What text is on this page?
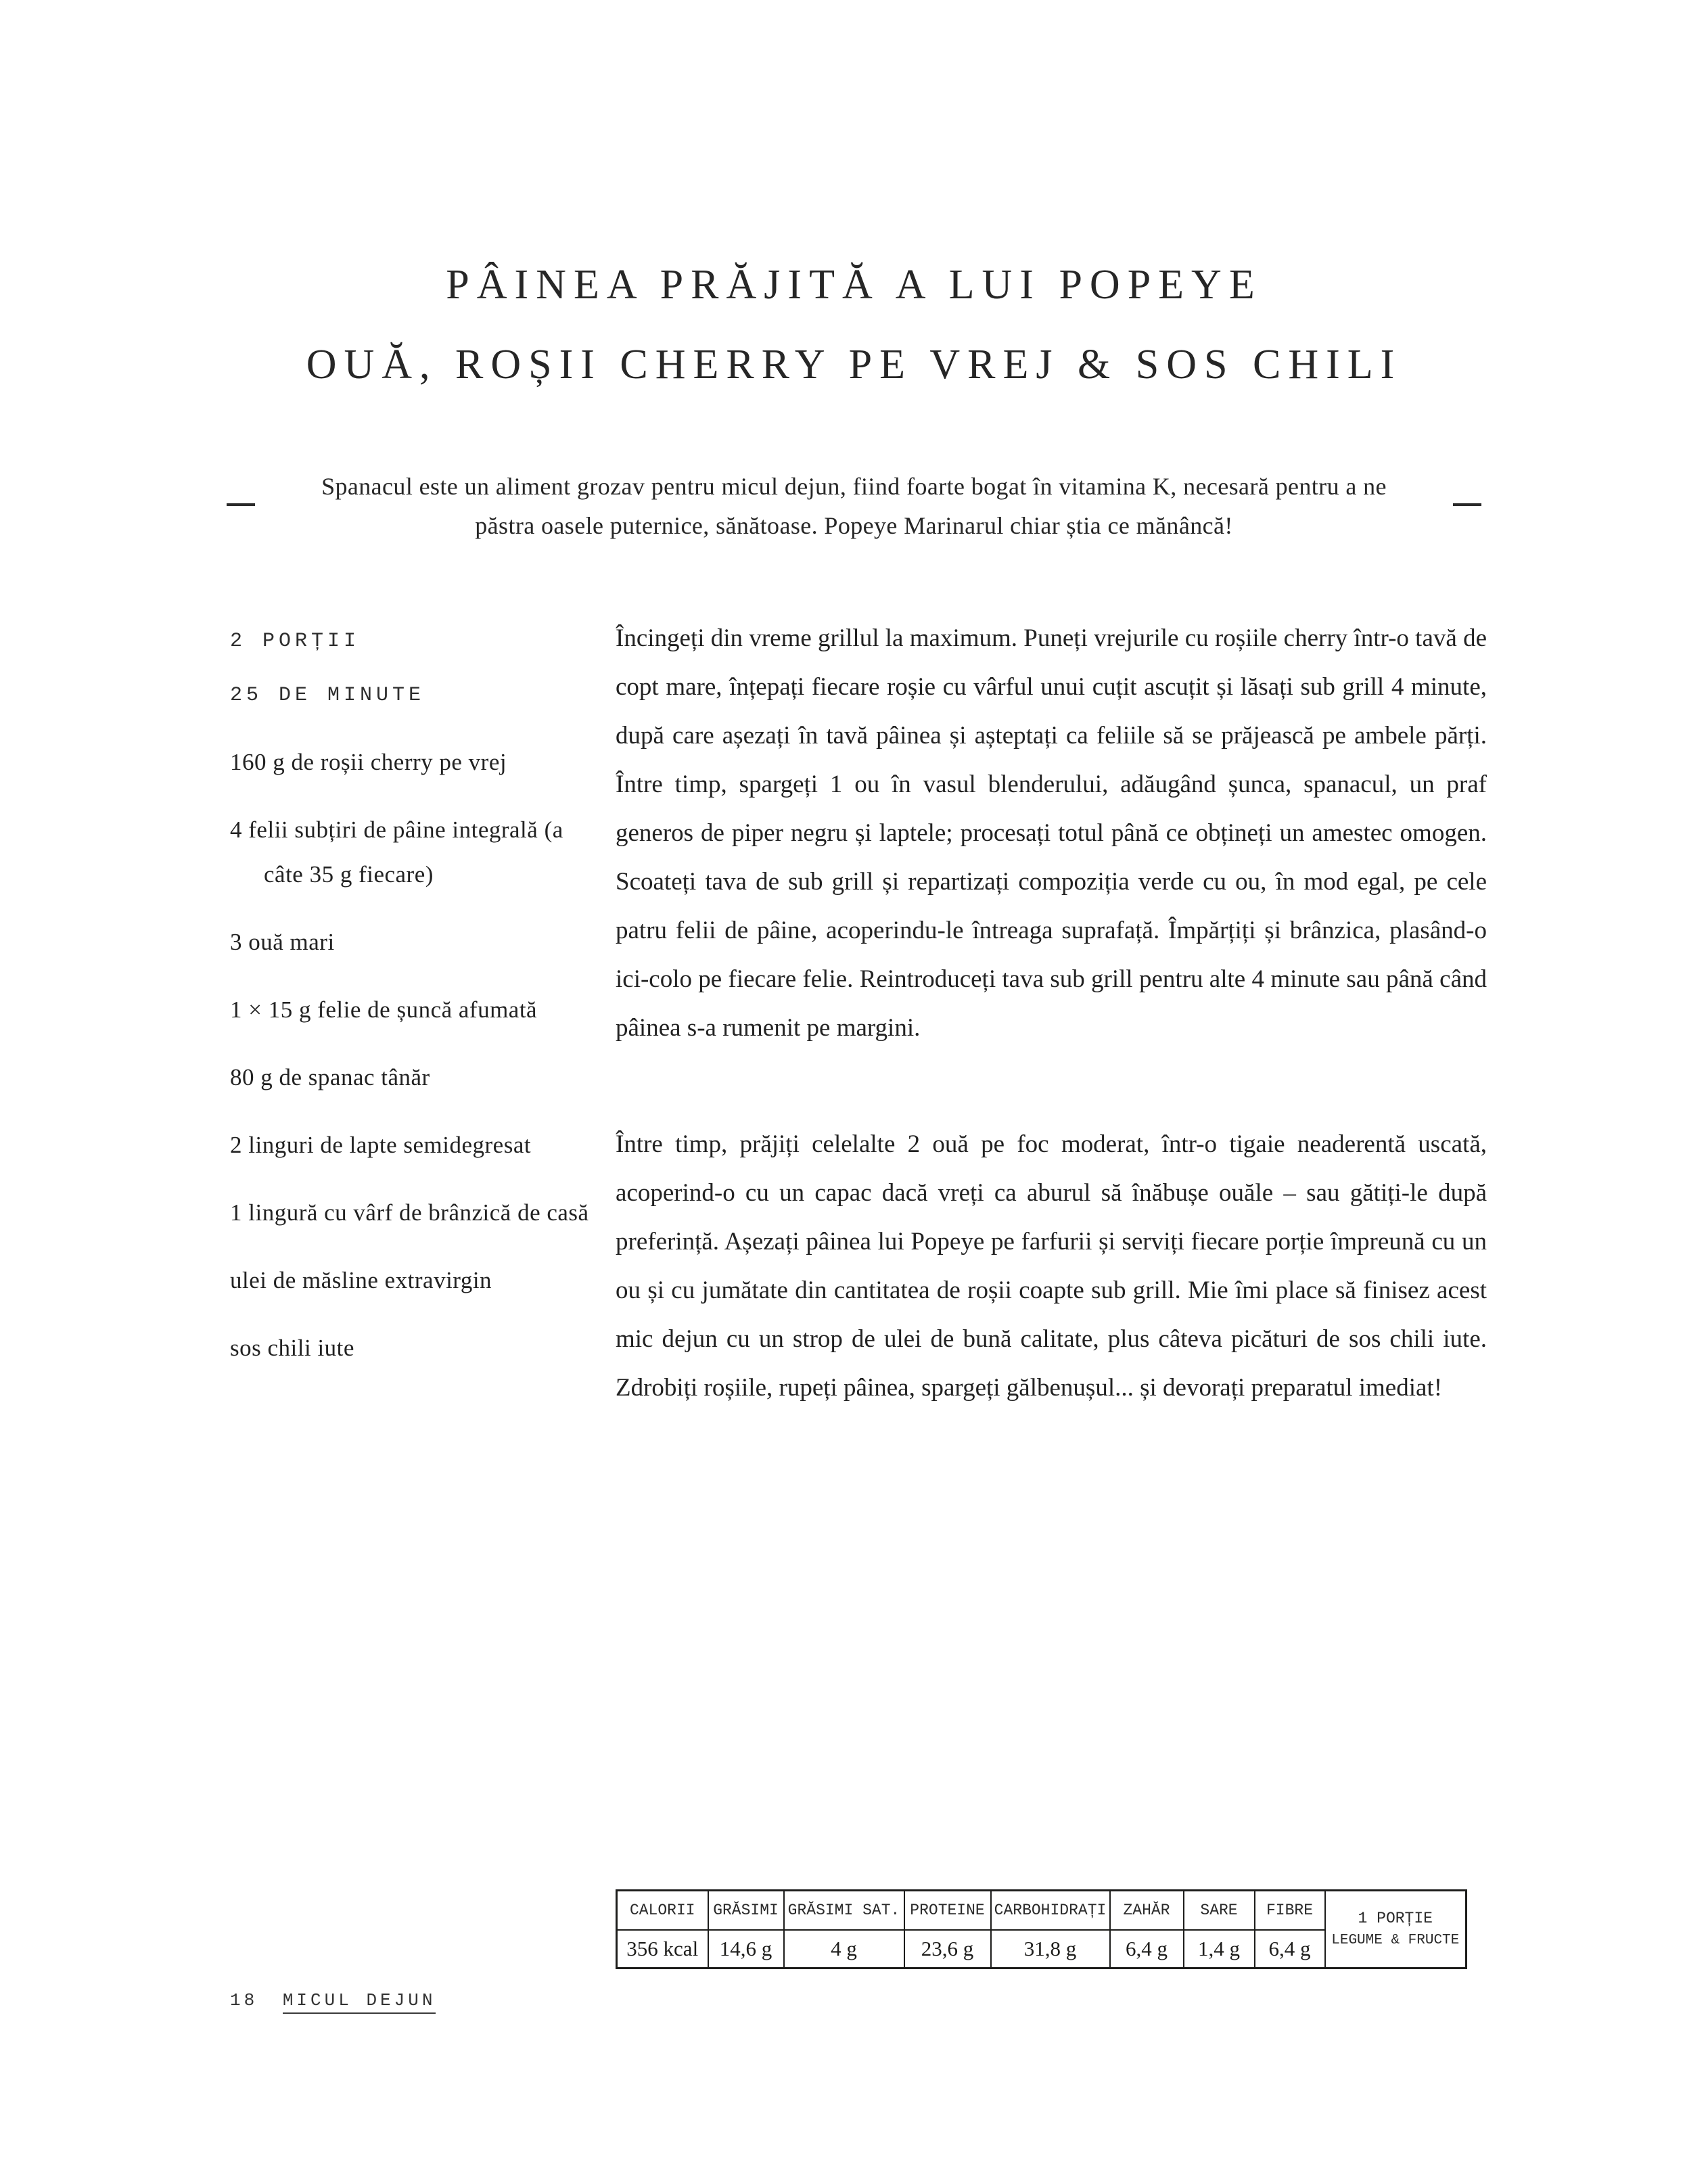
PÂINEA PRĂJITĂ A LUI POPEYE
OUĂ, ROȘII CHERRY PE VREJ & SOS CHILI

Spanacul este un aliment grozav pentru micul dejun, fiind foarte bogat în vitamina K, necesară pentru a ne păstra oasele puternice, sănătoase. Popeye Marinarul chiar știa ce mănâncă!

2 PORȚII
25 DE MINUTE
160 g de roșii cherry pe vrej
4 felii subțiri de pâine integrală (a câte 35 g fiecare)
3 ouă mari
1 × 15 g felie de șuncă afumată
80 g de spanac tânăr
2 linguri de lapte semidegresat
1 lingură cu vârf de brânzică de casă
ulei de măsline extravirgin
sos chili iute

Încingeți din vreme grillul la maximum. Puneți vrejurile cu roșiile cherry într-o tavă de copt mare, înțepați fiecare roșie cu vârful unui cuțit ascuțit și lăsați sub grill 4 minute, după care așezați în tavă pâinea și așteptați ca feliile să se prăjească pe ambele părți. Între timp, spargeți 1 ou în vasul blenderului, adăugând șunca, spanacul, un praf generos de piper negru și laptele; procesați totul până ce obțineți un amestec omogen. Scoateți tava de sub grill și repartizați compoziția verde cu ou, în mod egal, pe cele patru felii de pâine, acoperindu-le întreaga suprafață. Împărțiți și brânzica, plasând-o ici-colo pe fiecare felie. Reintroduceți tava sub grill pentru alte 4 minute sau până când pâinea s-a rumenit pe margini.

Între timp, prăjiți celelalte 2 ouă pe foc moderat, într-o tigaie neaderentă uscată, acoperind-o cu un capac dacă vreți ca aburul să înăbușe ouăle – sau gătiți-le după preferință. Așezați pâinea lui Popeye pe farfurii și serviți fiecare porție împreună cu un ou și cu jumătate din cantitatea de roșii coapte sub grill. Mie îmi place să finisez acest mic dejun cu un strop de ulei de bună calitate, plus câteva picături de sos chili iute. Zdrobiți roșiile, rupeți pâinea, spargeți gălbenușul... și devorați preparatul imediat!

CALORII	GRĂSIMI	GRĂSIMI SAT.	PROTEINE	CARBOHIDRAȚI	ZAHĂR	SARE	FIBRE	1 PORȚIE
LEGUME & FRUCTE

356 kcal	14,6 g	4 g	23,6 g	31,8 g	6,4 g	1,4 g	6,4 g	
18 MICUL DEJUN
